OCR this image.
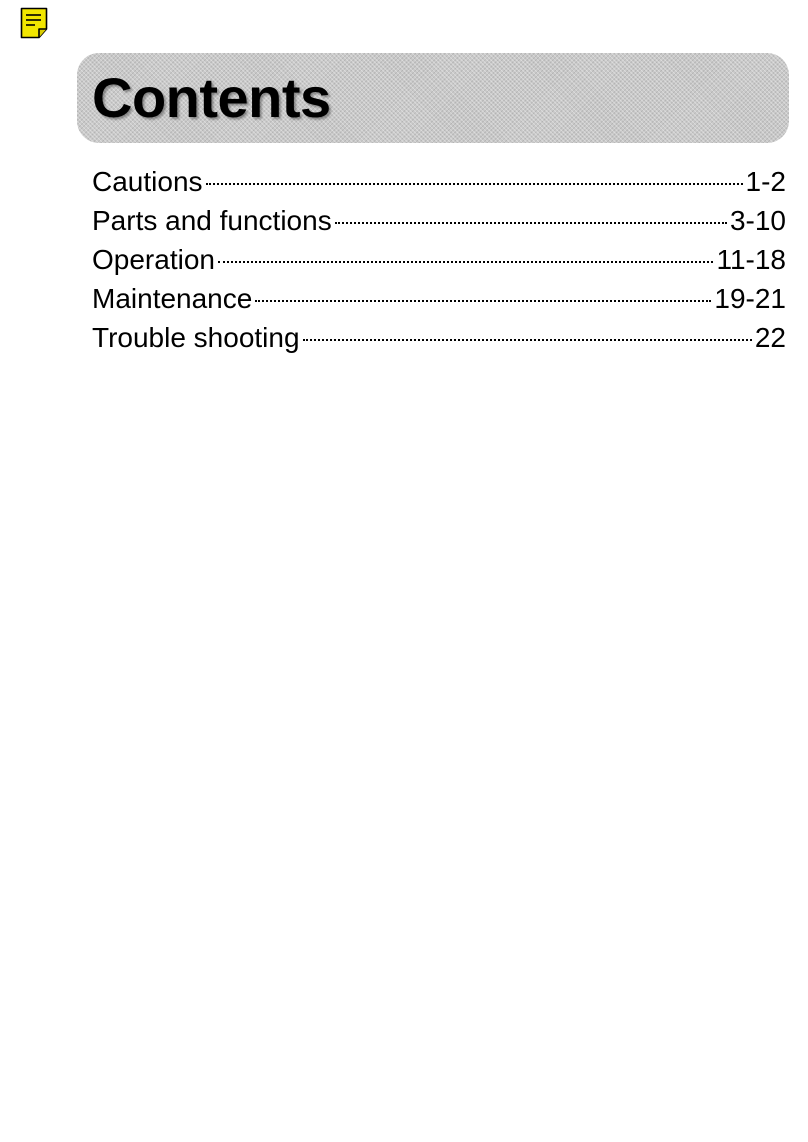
Contents
Cautions	1-2
Parts and functions	3-10
Operation	11-18
Maintenance	19-21
Trouble shooting	22
